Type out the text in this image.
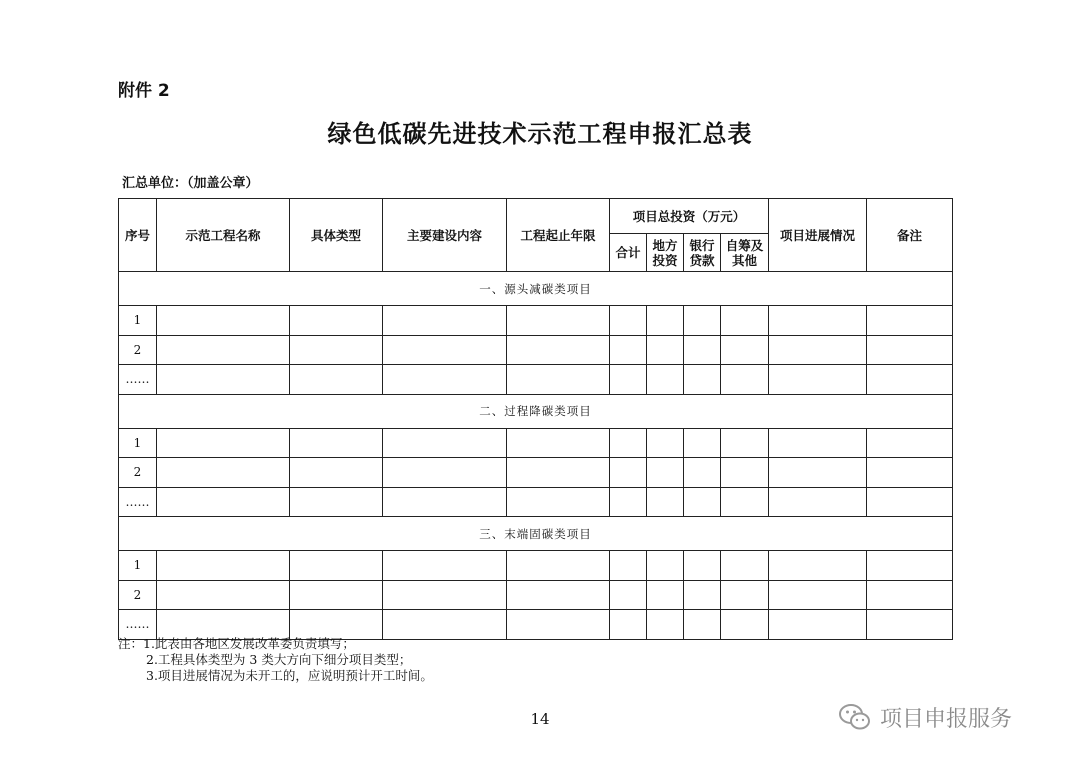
附件 2
绿色低碳先进技术示范工程申报汇总表
汇总单位：（加盖公章）
序号	示范工程名称	具体类型	主要建设内容	工程起止年限	项目总投资（万元）				项目进展情况	备注
					合计	地方投资	银行贷款	自筹及其他		
一、源头减碳类项目										
1										
2										
……										
二、过程降碳类项目										
1										
2										
……										
三、末端固碳类项目										
1										
2										
……										
注：1.此表由各地区发展改革委负责填写；
2.工程具体类型为 3 类大方向下细分项目类型；
3.项目进展情况为未开工的，应说明预计开工时间。
14	项目申报服务
